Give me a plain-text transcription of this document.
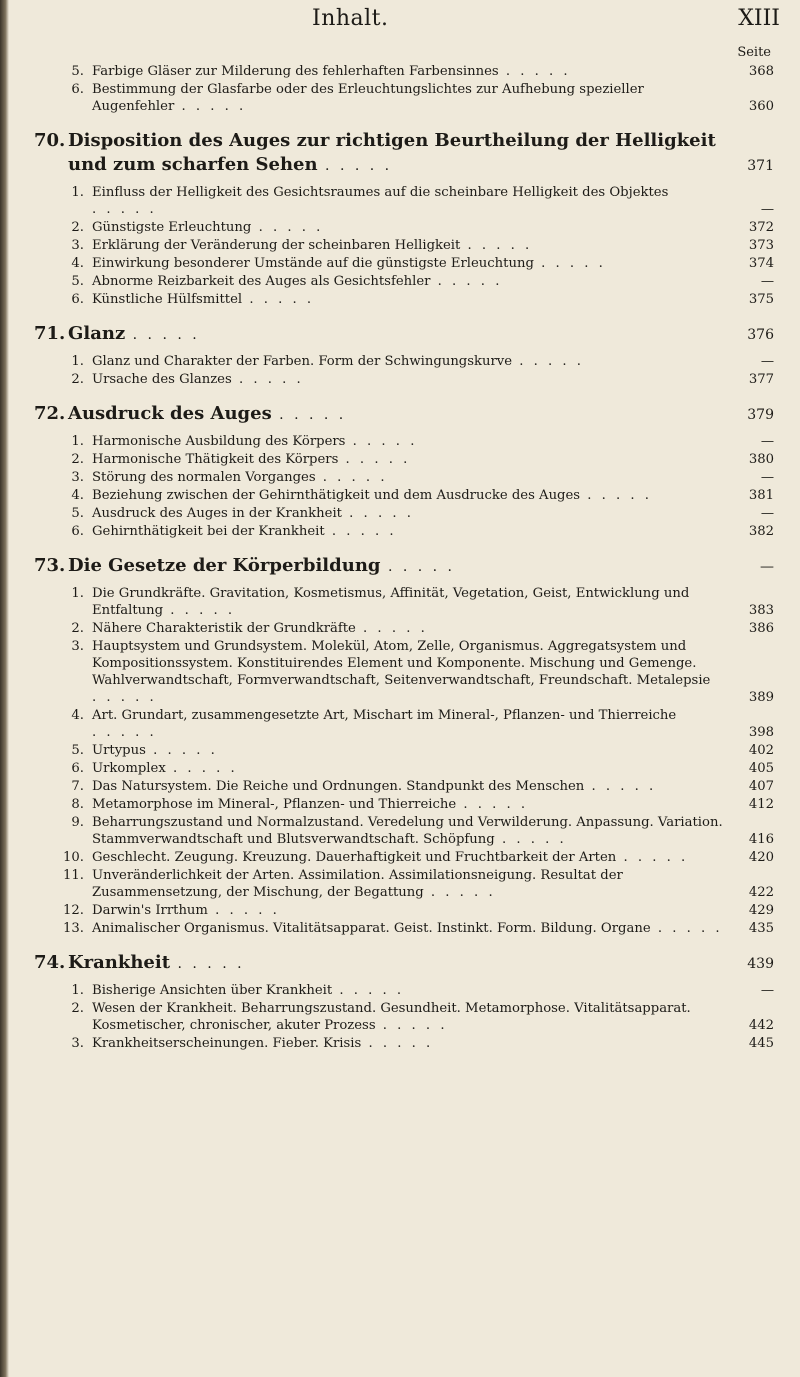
Inhalt.	XIII
Seite
5. Farbige Gläser zur Milderung des fehlerhaften Farbensinnes . . . . .	368
6. Bestimmung der Glasfarbe oder des Erleuchtungslichtes zur Aufhebung spezieller Augenfehler . . . . .	360
70. Disposition des Auges zur richtigen Beurtheilung der Helligkeit und zum scharfen Sehen . . . . .	371
1. Einfluss der Helligkeit des Gesichtsraumes auf die scheinbare Helligkeit des Objektes . . . . .	—
2. Günstigste Erleuchtung . . . . .	372
3. Erklärung der Veränderung der scheinbaren Helligkeit . . . . .	373
4. Einwirkung besonderer Umstände auf die günstigste Erleuchtung . . . . .	374
5. Abnorme Reizbarkeit des Auges als Gesichtsfehler . . . . .	—
6. Künstliche Hülfsmittel . . . . .	375
71. Glanz . . . . .	376
1. Glanz und Charakter der Farben. Form der Schwingungskurve . . . . .	—
2. Ursache des Glanzes . . . . .	377
72. Ausdruck des Auges . . . . .	379
1. Harmonische Ausbildung des Körpers . . . . .	—
2. Harmonische Thätigkeit des Körpers . . . . .	380
3. Störung des normalen Vorganges . . . . .	—
4. Beziehung zwischen der Gehirnthätigkeit und dem Ausdrucke des Auges . . . . .	381
5. Ausdruck des Auges in der Krankheit . . . . .	—
6. Gehirnthätigkeit bei der Krankheit . . . . .	382
73. Die Gesetze der Körperbildung . . . . .	—
1. Die Grundkräfte. Gravitation, Kosmetismus, Affinität, Vegetation, Geist, Entwicklung und Entfaltung . . . . .	383
2. Nähere Charakteristik der Grundkräfte . . . . .	386
3. Hauptsystem und Grundsystem. Molekül, Atom, Zelle, Organismus. Aggregatsystem und Kompositionssystem. Konstituirendes Element und Komponente. Mischung und Gemenge. Wahlverwandtschaft, Formverwandtschaft, Seitenverwandtschaft, Freundschaft. Metalepsie . . . . .	389
4. Art. Grundart, zusammengesetzte Art, Mischart im Mineral-, Pflanzen- und Thierreiche . . . . .	398
5. Urtypus . . . . .	402
6. Urkomplex . . . . .	405
7. Das Natursystem. Die Reiche und Ordnungen. Standpunkt des Menschen . . . . .	407
8. Metamorphose im Mineral-, Pflanzen- und Thierreiche . . . . .	412
9. Beharrungszustand und Normalzustand. Veredelung und Verwilderung. Anpassung. Variation. Stammverwandtschaft und Blutsverwandtschaft. Schöpfung . . . . .	416
10. Geschlecht. Zeugung. Kreuzung. Dauerhaftigkeit und Fruchtbarkeit der Arten . . . . .	420
11. Unveränderlichkeit der Arten. Assimilation. Assimilationsneigung. Resultat der Zusammensetzung, der Mischung, der Begattung . . . . .	422
12. Darwin's Irrthum . . . . .	429
13. Animalischer Organismus. Vitalitätsapparat. Geist. Instinkt. Form. Bildung. Organe . . . . .	435
74. Krankheit . . . . .	439
1. Bisherige Ansichten über Krankheit . . . . .	—
2. Wesen der Krankheit. Beharrungszustand. Gesundheit. Metamorphose. Vitalitätsapparat. Kosmetischer, chronischer, akuter Prozess . . . . .	442
3. Krankheitserscheinungen. Fieber. Krisis . . . . .	445
